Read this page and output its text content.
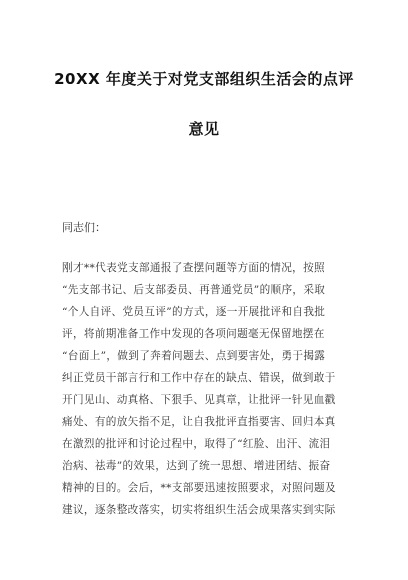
20XX 年度关于对党支部组织生活会的点评
意见
同志们：
刚才**代表党支部通报了查摆问题等方面的情况，按照
“先支部书记、后支部委员、再普通党员”的顺序，采取
“个人自评、党员互评”的方式，逐一开展批评和自我批
评，将前期准备工作中发现的各项问题毫无保留地摆在
“台面上”，做到了奔着问题去、点到要害处，勇于揭露
纠正党员干部言行和工作中存在的缺点、错误，做到敢于
开门见山、动真格、下狠手、见真章，让批评一针见血戳
痛处、有的放矢指不足，让自我批评直指要害、回归本真
在激烈的批评和讨论过程中，取得了“红脸、出汗、流泪
治病、祛毒”的效果，达到了统一思想、增进团结、振奋
精神的目的。会后，**支部要迅速按照要求，对照问题及
建议，逐条整改落实，切实将组织生活会成果落实到实际
